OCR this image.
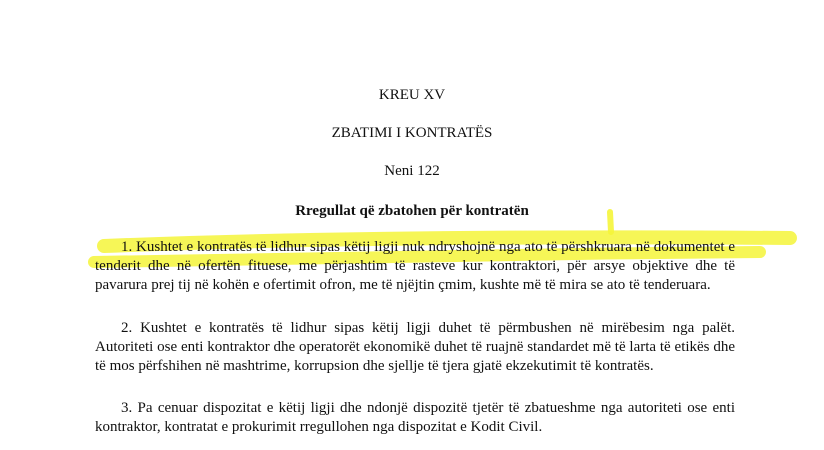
KREU XV
ZBATIMI I KONTRATËS
Neni 122
Rregullat që zbatohen për kontratën

1. Kushtet e kontratës të lidhur sipas këtij ligji nuk ndryshojnë nga ato të përshkruara në dokumentet e tenderit dhe në ofertën fituese, me përjashtim të rasteve kur kontraktori, për arsye objektive dhe të pavarura prej tij në kohën e ofertimit ofron, me të njëjtin çmim, kushte më të mira se ato të tenderuara.

2. Kushtet e kontratës të lidhur sipas këtij ligji duhet të përmbushen në mirëbesim nga palët. Autoriteti ose enti kontraktor dhe operatorët ekonomikë duhet të ruajnë standardet më të larta të etikës dhe të mos përfshihen në mashtrime, korrupsion dhe sjellje të tjera gjatë ekzekutimit të kontratës.

3. Pa cenuar dispozitat e këtij ligji dhe ndonjë dispozitë tjetër të zbatueshme nga autoriteti ose enti kontraktor, kontratat e prokurimit rregullohen nga dispozitat e Kodit Civil.
